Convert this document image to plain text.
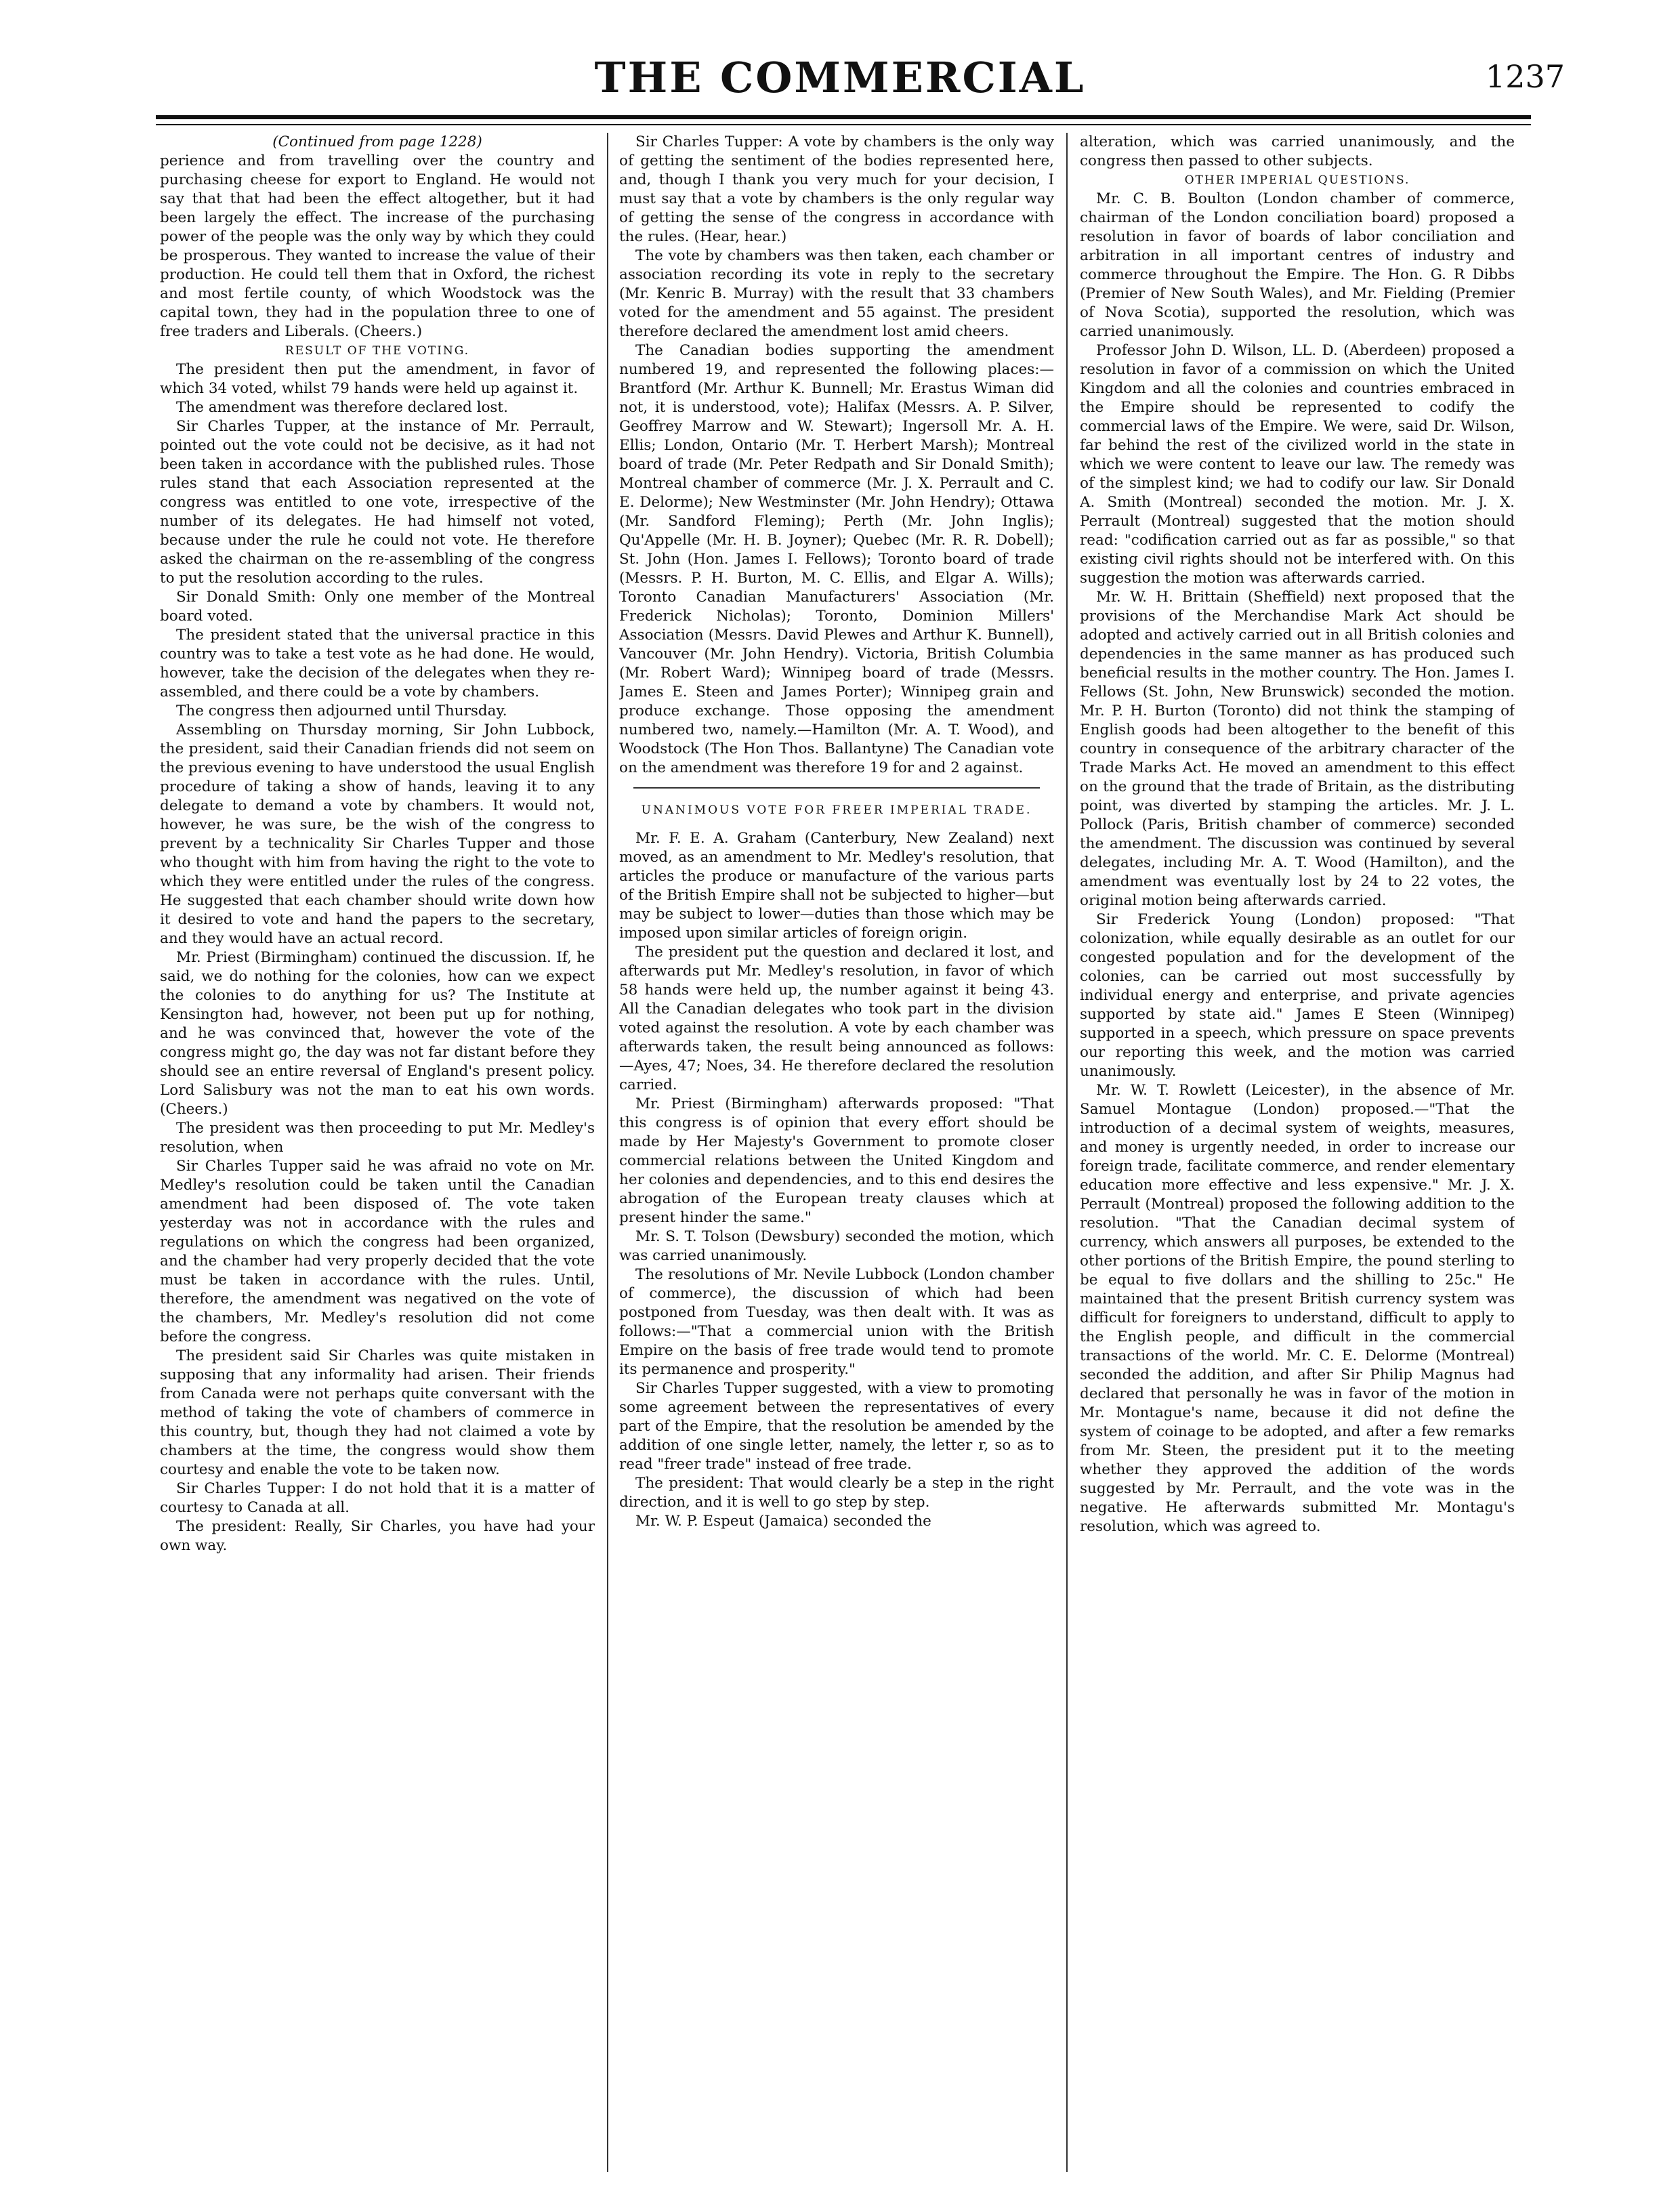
THE COMMERCIAL	1237

(Continued from page 1228)

perience and from travelling over the country and purchasing cheese for export to England. He would not say that that had been the effect altogether, but it had been largely the effect. The increase of the purchasing power of the people was the only way by which they could be prosperous. They wanted to increase the value of their production. He could tell them that in Oxford, the richest and most fertile county, of which Woodstock was the capital town, they had in the population three to one of free traders and Liberals. (Cheers.)

RESULT OF THE VOTING.

The president then put the amendment, in favor of which 34 voted, whilst 79 hands were held up against it.

The amendment was therefore declared lost.

Sir Charles Tupper, at the instance of Mr. Perrault, pointed out the vote could not be decisive, as it had not been taken in accordance with the published rules. Those rules stand that each Association represented at the congress was entitled to one vote, irrespective of the number of its delegates. He had himself not voted, because under the rule he could not vote. He therefore asked the chairman on the re-assembling of the congress to put the resolution according to the rules.

Sir Donald Smith: Only one member of the Montreal board voted.

The president stated that the universal practice in this country was to take a test vote as he had done. He would, however, take the decision of the delegates when they re-assembled, and there could be a vote by chambers.

The congress then adjourned until Thursday.

Assembling on Thursday morning, Sir John Lubbock, the president, said their Canadian friends did not seem on the previous evening to have understood the usual English procedure of taking a show of hands, leaving it to any delegate to demand a vote by chambers. It would not, however, he was sure, be the wish of the congress to prevent by a technicality Sir Charles Tupper and those who thought with him from having the right to the vote to which they were entitled under the rules of the congress. He suggested that each chamber should write down how it desired to vote and hand the papers to the secretary, and they would have an actual record.

Mr. Priest (Birmingham) continued the discussion. If, he said, we do nothing for the colonies, how can we expect the colonies to do anything for us? The Institute at Kensington had, however, not been put up for nothing, and he was convinced that, however the vote of the congress might go, the day was not far distant before they should see an entire reversal of England's present policy. Lord Salisbury was not the man to eat his own words. (Cheers.)

The president was then proceeding to put Mr. Medley's resolution, when

Sir Charles Tupper said he was afraid no vote on Mr. Medley's resolution could be taken until the Canadian amendment had been disposed of. The vote taken yesterday was not in accordance with the rules and regulations on which the congress had been organized, and the chamber had very properly decided that the vote must be taken in accordance with the rules. Until, therefore, the amendment was negatived on the vote of the chambers, Mr. Medley's resolution did not come before the congress.

The president said Sir Charles was quite mistaken in supposing that any informality had arisen. Their friends from Canada were not perhaps quite conversant with the method of taking the vote of chambers of commerce in this country, but, though they had not claimed a vote by chambers at the time, the congress would show them courtesy and enable the vote to be taken now.

Sir Charles Tupper: I do not hold that it is a matter of courtesy to Canada at all.

The president: Really, Sir Charles, you have had your own way.

Sir Charles Tupper: A vote by chambers is the only way of getting the sentiment of the bodies represented here, and, though I thank you very much for your decision, I must say that a vote by chambers is the only regular way of getting the sense of the congress in accordance with the rules. (Hear, hear.)

The vote by chambers was then taken, each chamber or association recording its vote in reply to the secretary (Mr. Kenric B. Murray) with the result that 33 chambers voted for the amendment and 55 against. The president therefore declared the amendment lost amid cheers.

The Canadian bodies supporting the amendment numbered 19, and represented the following places:—Brantford (Mr. Arthur K. Bunnell; Mr. Erastus Wiman did not, it is understood, vote); Halifax (Messrs. A. P. Silver, Geoffrey Marrow and W. Stewart); Ingersoll Mr. A. H. Ellis; London, Ontario (Mr. T. Herbert Marsh); Montreal board of trade (Mr. Peter Redpath and Sir Donald Smith); Montreal chamber of commerce (Mr. J. X. Perrault and C. E. Delorme); New Westminster (Mr. John Hendry); Ottawa (Mr. Sandford Fleming); Perth (Mr. John Inglis); Qu'Appelle (Mr. H. B. Joyner); Quebec (Mr. R. R. Dobell); St. John (Hon. James I. Fellows); Toronto board of trade (Messrs. P. H. Burton, M. C. Ellis, and Elgar A. Wills); Toronto Canadian Manufacturers' Association (Mr. Frederick Nicholas); Toronto, Dominion Millers' Association (Messrs. David Plewes and Arthur K. Bunnell), Vancouver (Mr. John Hendry). Victoria, British Columbia (Mr. Robert Ward); Winnipeg board of trade (Messrs. James E. Steen and James Porter); Winnipeg grain and produce exchange. Those opposing the amendment numbered two, namely.—Hamilton (Mr. A. T. Wood), and Woodstock (The Hon Thos. Ballantyne) The Canadian vote on the amendment was therefore 19 for and 2 against.

UNANIMOUS VOTE FOR FREER IMPERIAL TRADE.

Mr. F. E. A. Graham (Canterbury, New Zealand) next moved, as an amendment to Mr. Medley's resolution, that articles the produce or manufacture of the various parts of the British Empire shall not be subjected to higher—but may be subject to lower—duties than those which may be imposed upon similar articles of foreign origin.

The president put the question and declared it lost, and afterwards put Mr. Medley's resolution, in favor of which 58 hands were held up, the number against it being 43. All the Canadian delegates who took part in the division voted against the resolution. A vote by each chamber was afterwards taken, the result being announced as follows:—Ayes, 47; Noes, 34. He therefore declared the resolution carried.

Mr. Priest (Birmingham) afterwards proposed: "That this congress is of opinion that every effort should be made by Her Majesty's Government to promote closer commercial relations between the United Kingdom and her colonies and dependencies, and to this end desires the abrogation of the European treaty clauses which at present hinder the same."

Mr. S. T. Tolson (Dewsbury) seconded the motion, which was carried unanimously.

The resolutions of Mr. Nevile Lubbock (London chamber of commerce), the discussion of which had been postponed from Tuesday, was then dealt with. It was as follows:—"That a commercial union with the British Empire on the basis of free trade would tend to promote its permanence and prosperity."

Sir Charles Tupper suggested, with a view to promoting some agreement between the representatives of every part of the Empire, that the resolution be amended by the addition of one single letter, namely, the letter r, so as to read "freer trade" instead of free trade.

The president: That would clearly be a step in the right direction, and it is well to go step by step.

Mr. W. P. Espeut (Jamaica) seconded the

alteration, which was carried unanimously, and the congress then passed to other subjects.

OTHER IMPERIAL QUESTIONS.

Mr. C. B. Boulton (London chamber of commerce, chairman of the London conciliation board) proposed a resolution in favor of boards of labor conciliation and arbitration in all important centres of industry and commerce throughout the Empire. The Hon. G. R Dibbs (Premier of New South Wales), and Mr. Fielding (Premier of Nova Scotia), supported the resolution, which was carried unanimously.

Professor John D. Wilson, LL. D. (Aberdeen) proposed a resolution in favor of a commission on which the United Kingdom and all the colonies and countries embraced in the Empire should be represented to codify the commercial laws of the Empire. We were, said Dr. Wilson, far behind the rest of the civilized world in the state in which we were content to leave our law. The remedy was of the simplest kind; we had to codify our law. Sir Donald A. Smith (Montreal) seconded the motion. Mr. J. X. Perrault (Montreal) suggested that the motion should read: "codification carried out as far as possible," so that existing civil rights should not be interfered with. On this suggestion the motion was afterwards carried.

Mr. W. H. Brittain (Sheffield) next proposed that the provisions of the Merchandise Mark Act should be adopted and actively carried out in all British colonies and dependencies in the same manner as has produced such beneficial results in the mother country. The Hon. James I. Fellows (St. John, New Brunswick) seconded the motion. Mr. P. H. Burton (Toronto) did not think the stamping of English goods had been altogether to the benefit of this country in consequence of the arbitrary character of the Trade Marks Act. He moved an amendment to this effect on the ground that the trade of Britain, as the distributing point, was diverted by stamping the articles. Mr. J. L. Pollock (Paris, British chamber of commerce) seconded the amendment. The discussion was continued by several delegates, including Mr. A. T. Wood (Hamilton), and the amendment was eventually lost by 24 to 22 votes, the original motion being afterwards carried.

Sir Frederick Young (London) proposed: "That colonization, while equally desirable as an outlet for our congested population and for the development of the colonies, can be carried out most successfully by individual energy and enterprise, and private agencies supported by state aid." James E Steen (Winnipeg) supported in a speech, which pressure on space prevents our reporting this week, and the motion was carried unanimously.

Mr. W. T. Rowlett (Leicester), in the absence of Mr. Samuel Montague (London) proposed.—"That the introduction of a decimal system of weights, measures, and money is urgently needed, in order to increase our foreign trade, facilitate commerce, and render elementary education more effective and less expensive." Mr. J. X. Perrault (Montreal) proposed the following addition to the resolution. "That the Canadian decimal system of currency, which answers all purposes, be extended to the other portions of the British Empire, the pound sterling to be equal to five dollars and the shilling to 25c." He maintained that the present British currency system was difficult for foreigners to understand, difficult to apply to the English people, and difficult in the commercial transactions of the world. Mr. C. E. Delorme (Montreal) seconded the addition, and after Sir Philip Magnus had declared that personally he was in favor of the motion in Mr. Montague's name, because it did not define the system of coinage to be adopted, and after a few remarks from Mr. Steen, the president put it to the meeting whether they approved the addition of the words suggested by Mr. Perrault, and the vote was in the negative. He afterwards submitted Mr. Montagu's resolution, which was agreed to.
